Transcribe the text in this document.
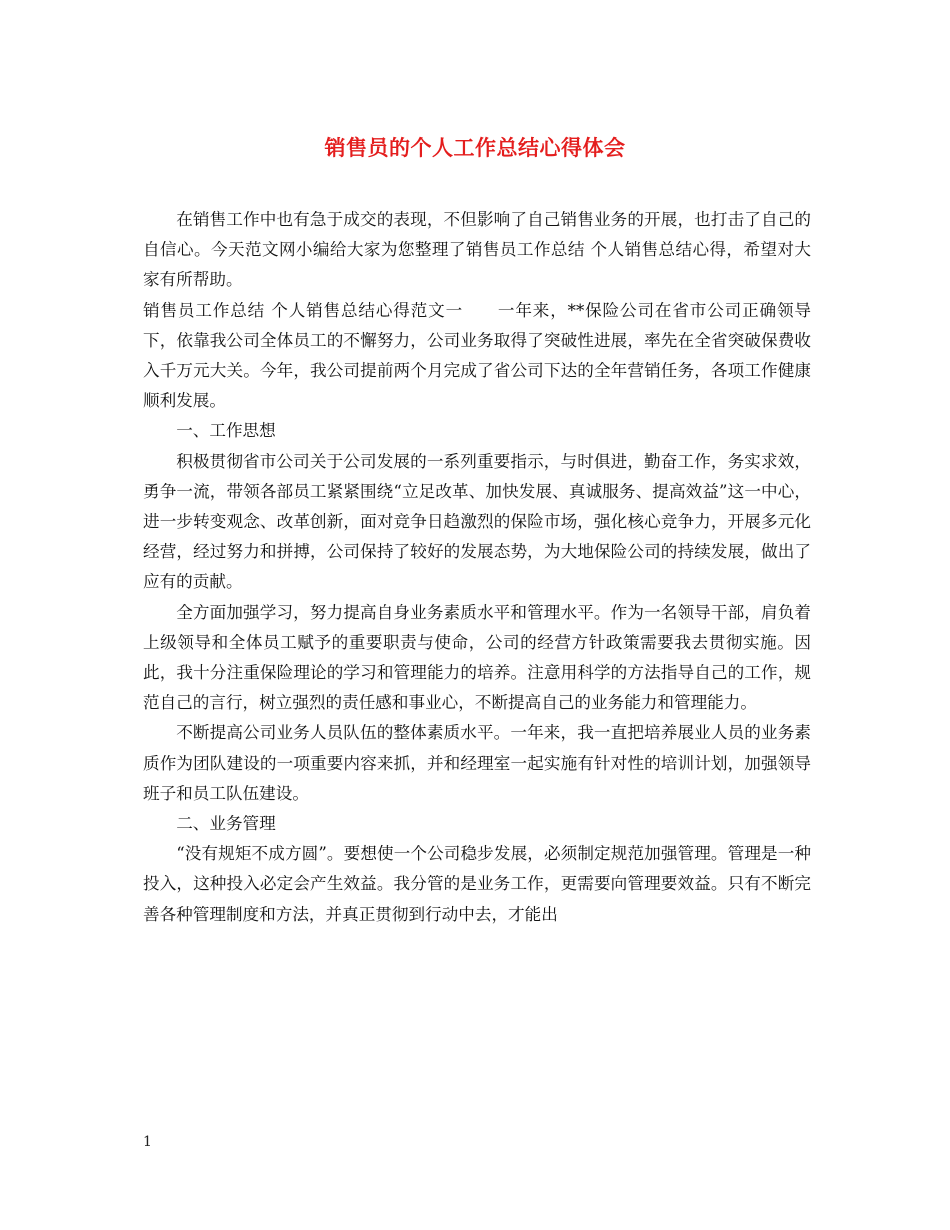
销售员的个人工作总结心得体会

在销售工作中也有急于成交的表现，不但影响了自己销售业务的开展，也打击了自己的自信心。今天范文网小编给大家为您整理了销售员工作总结 个人销售总结心得，希望对大家有所帮助。

销售员工作总结 个人销售总结心得范文一　　一年来，**保险公司在省市公司正确领导下，依靠我公司全体员工的不懈努力，公司业务取得了突破性进展，率先在全省突破保费收入千万元大关。今年，我公司提前两个月完成了省公司下达的全年营销任务，各项工作健康顺利发展。

一、工作思想

积极贯彻省市公司关于公司发展的一系列重要指示，与时俱进，勤奋工作，务实求效，勇争一流，带领各部员工紧紧围绕“立足改革、加快发展、真诚服务、提高效益”这一中心，进一步转变观念、改革创新，面对竞争日趋激烈的保险市场，强化核心竞争力，开展多元化经营，经过努力和拼搏，公司保持了较好的发展态势，为大地保险公司的持续发展，做出了应有的贡献。

全方面加强学习，努力提高自身业务素质水平和管理水平。作为一名领导干部，肩负着上级领导和全体员工赋予的重要职责与使命，公司的经营方针政策需要我去贯彻实施。因此，我十分注重保险理论的学习和管理能力的培养。注意用科学的方法指导自己的工作，规范自己的言行，树立强烈的责任感和事业心，不断提高自己的业务能力和管理能力。

不断提高公司业务人员队伍的整体素质水平。一年来，我一直把培养展业人员的业务素质作为团队建设的一项重要内容来抓，并和经理室一起实施有针对性的培训计划，加强领导班子和员工队伍建设。

二、业务管理

“没有规矩不成方圆”。要想使一个公司稳步发展，必须制定规范加强管理。管理是一种投入，这种投入必定会产生效益。我分管的是业务工作，更需要向管理要效益。只有不断完善各种管理制度和方法，并真正贯彻到行动中去，才能出

1
